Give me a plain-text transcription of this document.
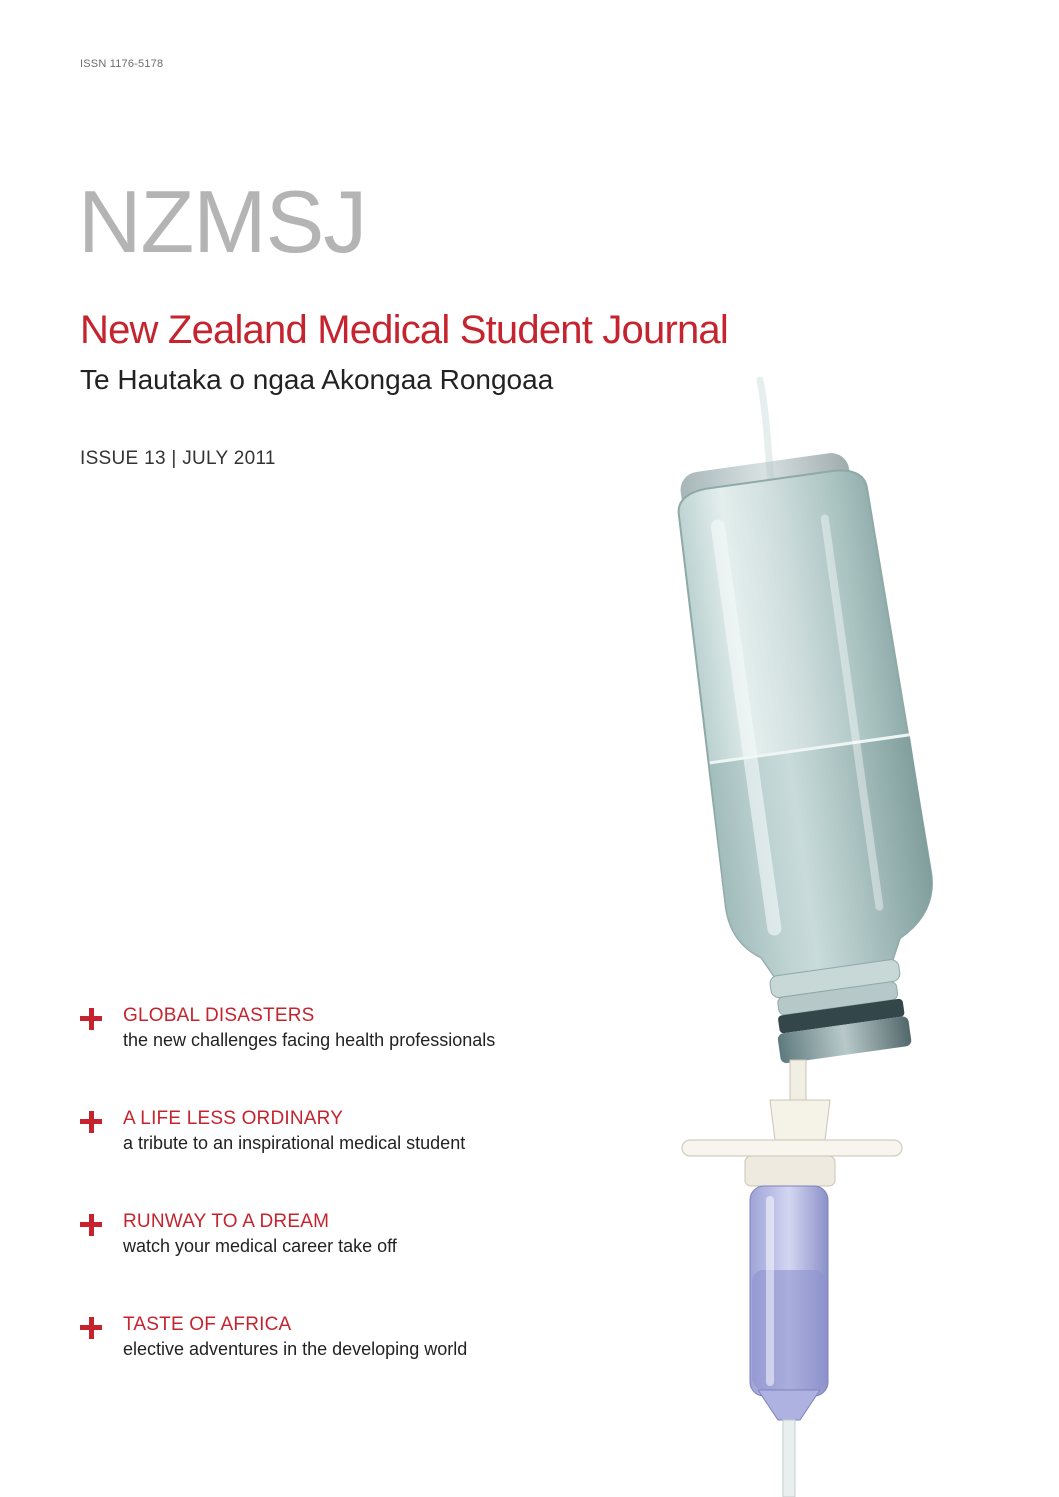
ISSN 1176-5178
NZMSJ
New Zealand Medical Student Journal
Te Hautaka o ngaa Akongaa Rongoaa
ISSUE 13 | JULY 2011
GLOBAL DISASTERS
the new challenges facing health professionals
A LIFE LESS ORDINARY
a tribute to an inspirational medical student
RUNWAY TO A DREAM
watch your medical career take off
TASTE OF AFRICA
elective adventures in the developing world
